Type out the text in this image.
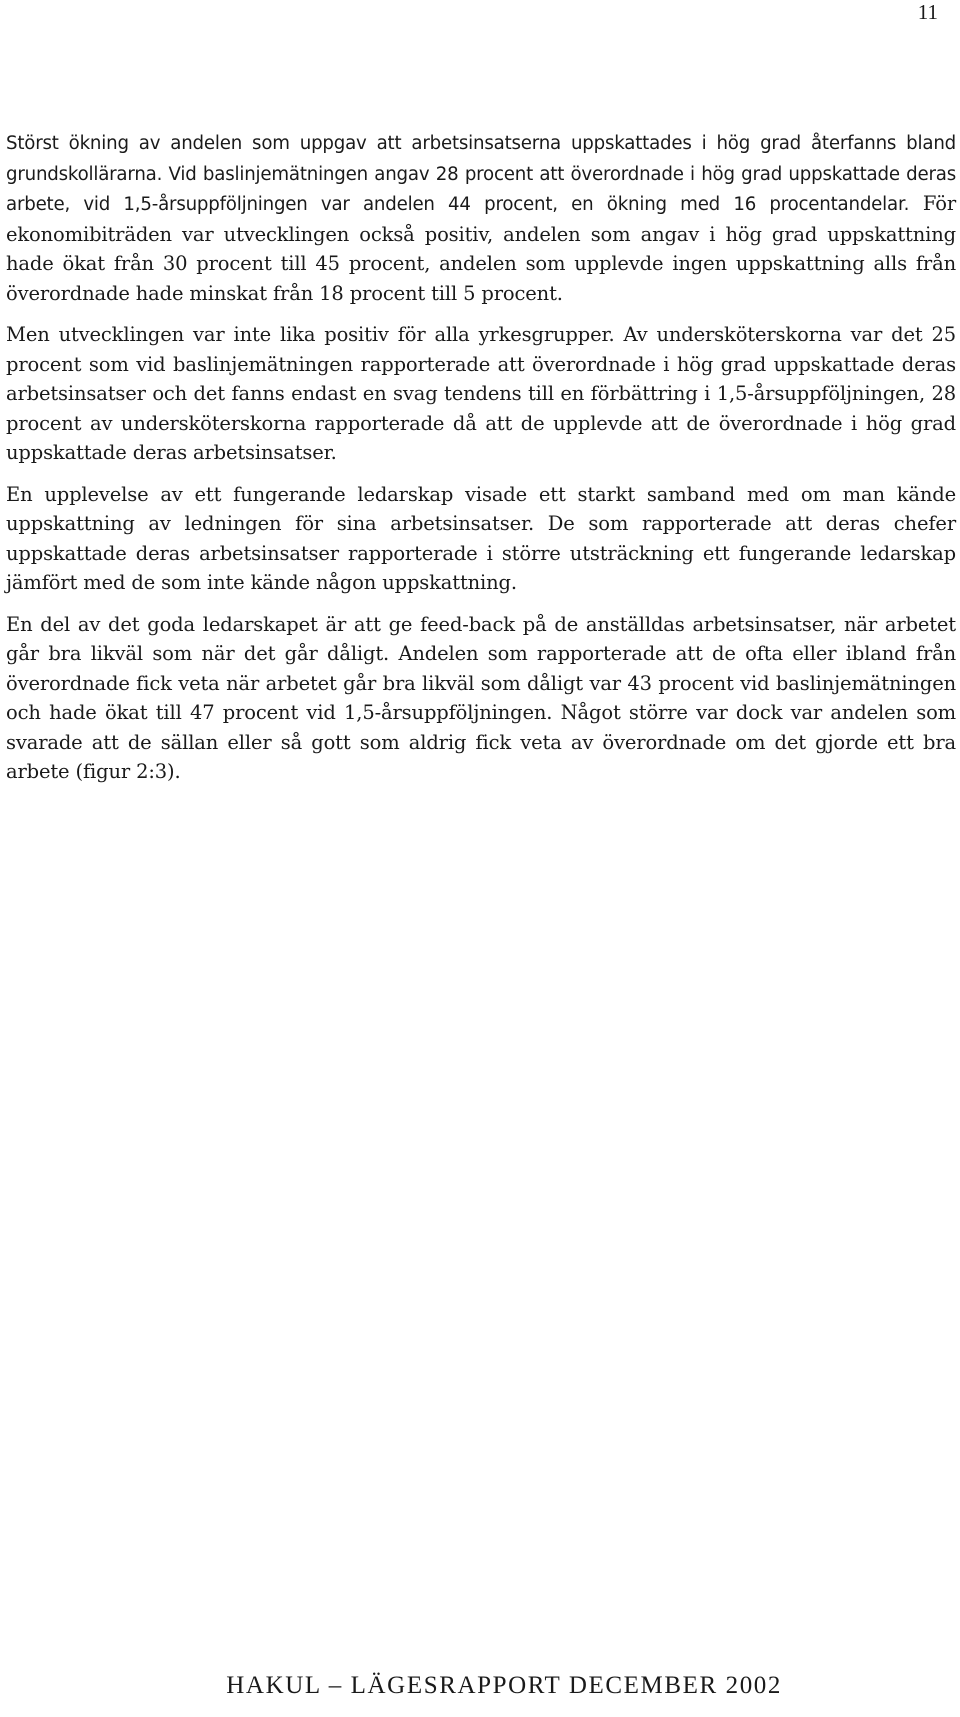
11

Störst ökning av andelen som uppgav att arbetsinsatserna uppskattades i hög grad återfanns bland grundskollärarna. Vid baslinjemätningen angav 28 procent att överordnade i hög grad uppskattade deras arbete, vid 1,5-årsuppföljningen var andelen 44 procent, en ökning med 16 procentandelar. För ekonomibiträden var utvecklingen också positiv, andelen som angav i hög grad uppskattning hade ökat från 30 procent till 45 procent, andelen som upplevde ingen uppskattning alls från överordnade hade minskat från 18 procent till 5 procent.

Men utvecklingen var inte lika positiv för alla yrkesgrupper. Av undersköterskorna var det 25 procent som vid baslinjemätningen rapporterade att överordnade i hög grad uppskattade deras arbetsinsatser och det fanns endast en svag tendens till en förbättring i 1,5-årsuppföljningen, 28 procent av undersköterskorna rapporterade då att de upplevde att de överordnade i hög grad uppskattade deras arbetsinsatser.

En upplevelse av ett fungerande ledarskap visade ett starkt samband med om man kände uppskattning av ledningen för sina arbetsinsatser. De som rapporterade att deras chefer uppskattade deras arbetsinsatser rapporterade i större utsträckning ett fungerande ledarskap jämfört med de som inte kände någon uppskattning.

En del av det goda ledarskapet är att ge feed-back på de anställdas arbetsinsatser, när arbetet går bra likväl som när det går dåligt. Andelen som rapporterade att de ofta eller ibland från överordnade fick veta när arbetet går bra likväl som dåligt var 43 procent vid baslinjemätningen och hade ökat till 47 procent vid 1,5-årsuppföljningen. Något större var dock var andelen som svarade att de sällan eller så gott som aldrig fick veta av överordnade om det gjorde ett bra arbete (figur 2:3).

HAKUL – LÄGESRAPPORT DECEMBER 2002
